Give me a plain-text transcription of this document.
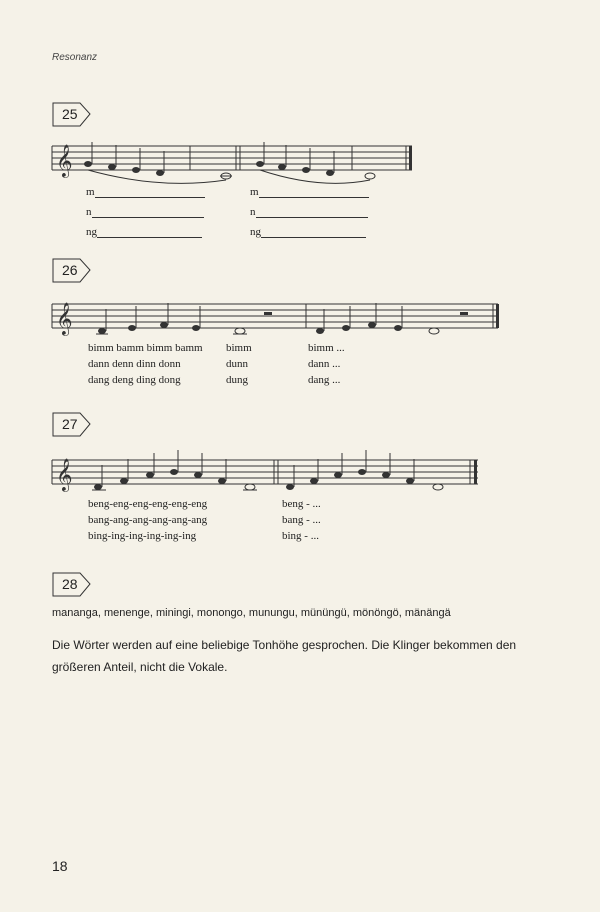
Resonanz
25
𝄞
m
n
ng
m
n
ng
26
𝄞
bimm bamm bimm bamm
dann denn dinn donn
dang deng ding dong
bimm
dunn
dung
bimm ...
dann ...
dang ...
27
𝄞
beng-eng-eng-eng-eng-eng
bang-ang-ang-ang-ang-ang
bing-ing-ing-ing-ing-ing
beng - ...
bang - ...
bing - ...
28
mananga, menenge, miningi, monongo, munungu, mününgü, mönöngö, mänängä
Die Wörter werden auf eine beliebige Tonhöhe gesprochen. Die Klinger bekommen den größeren Anteil, nicht die Vokale.
18
